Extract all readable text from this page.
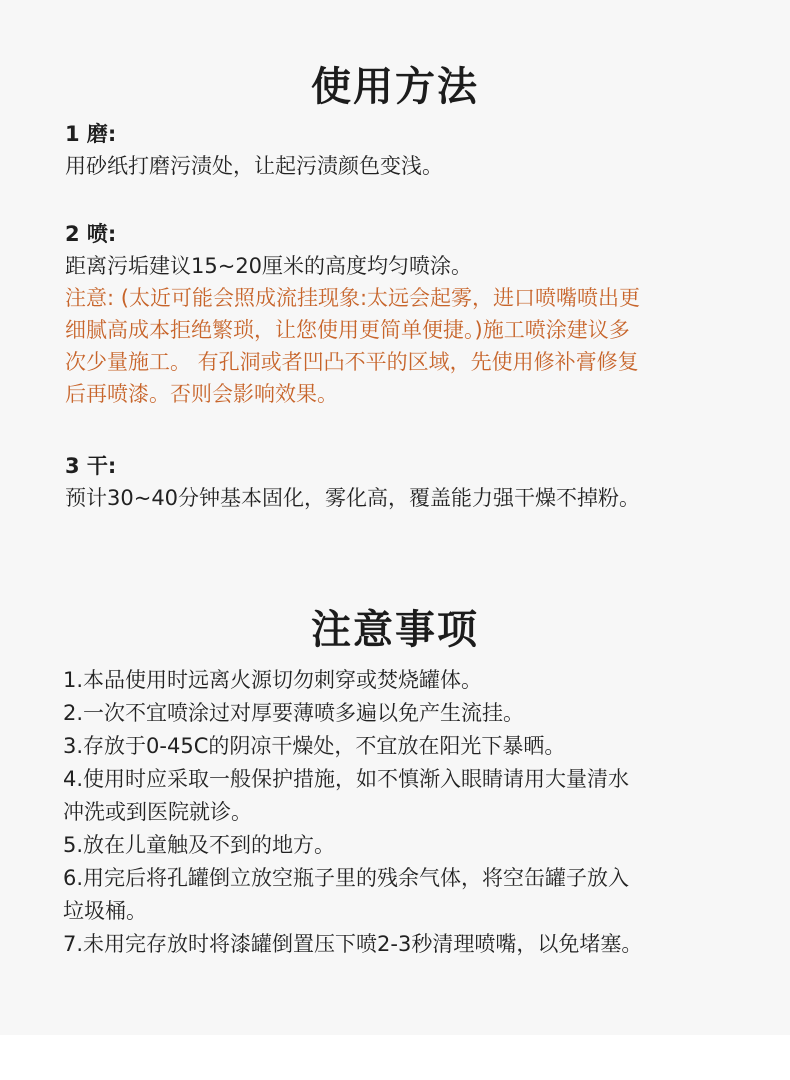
使用方法

1 磨:

用砂纸打磨污渍处，让起污渍颜色变浅。

2 喷:

距离污垢建议15~20厘米的高度均匀喷涂。

注意: (太近可能会照成流挂现象:太远会起雾，进口喷嘴喷出更

细腻高成本拒绝繁琐，让您使用更简单便捷。)施工喷涂建议多

次少量施工。 有孔洞或者凹凸不平的区域，先使用修补膏修复

后再喷漆。否则会影响效果。

3 干:

预计30~40分钟基本固化，雾化高，覆盖能力强干燥不掉粉。

注意事项
1.本品使用时远离火源切勿刺穿或焚烧罐体。
2.一次不宜喷涂过对厚要薄喷多遍以免产生流挂。
3.存放于0-45C的阴凉干燥处，不宜放在阳光下暴晒。
4.使用时应采取一般保护措施，如不慎渐入眼睛请用大量清水
冲洗或到医院就诊。
5.放在儿童触及不到的地方。
6.用完后将孔罐倒立放空瓶子里的残余气体，将空缶罐子放入
垃圾桶。
7.未用完存放时将漆罐倒置压下喷2-3秒清理喷嘴，以免堵塞。
